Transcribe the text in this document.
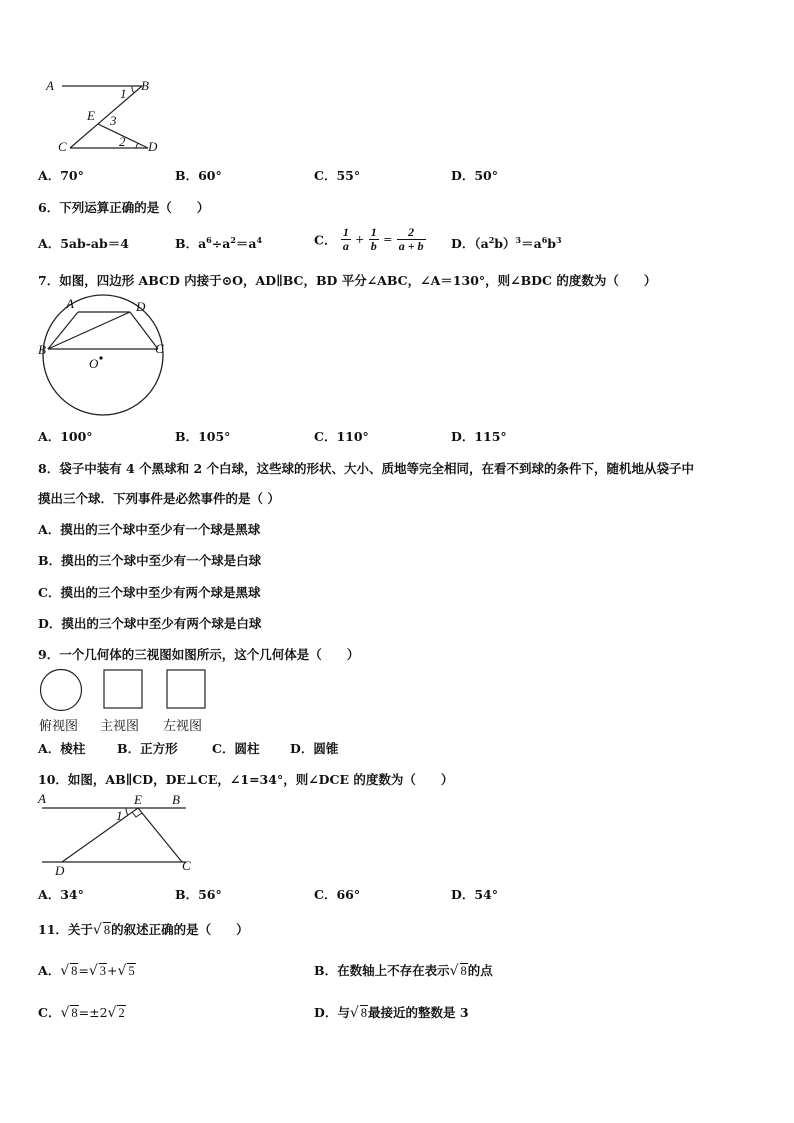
A	B
1
E 3
C	2 D
A．70°	B．60°	C．55°	D．50°
6．下列运算正确的是（　　）
A．5ab-ab＝4	B．$a^6\div a^2=a^4$	C． $\frac{1}{a} + \frac{1}{b} = \frac{2}{a + b}$ D．$(a^2b)^3=a^6b^3$
7．如图，四边形 ABCD 内接于⊙O，AD∥BC，BD 平分∠ABC，∠A＝130°，则∠BDC 的度数为（　　）
A	D
B	C
O
A．100°	B．105°	C．110°	D．115°
8．袋子中装有 4 个黑球和 2 个白球，这些球的形状、大小、质地等完全相同，在看不到球的条件下，随机地从袋子中
摸出三个球．下列事件是必然事件的是（ ）
A．摸出的三个球中至少有一个球是黑球
B．摸出的三个球中至少有一个球是白球
C．摸出的三个球中至少有两个球是黑球
D．摸出的三个球中至少有两个球是白球
9．一个几何体的三视图如图所示，这个几何体是（　　）
俯视图 主视图 左视图
A．棱柱	B．正方形	C．圆柱 D．圆锥
10．如图，AB∥CD，DE⊥CE，∠1=34°，则∠DCE 的度数为（　　）
A	E B
1
D	C
A．34°	B．56°	C．66°	D．54°
11．关于√ 8的叙述正确的是（　　）
A．√ 8=√ 3+√ 5	B．在数轴上不存在表示√ 8的点
C．√ 8=±2√ 2	D．与√ 8最接近的整数是 3
